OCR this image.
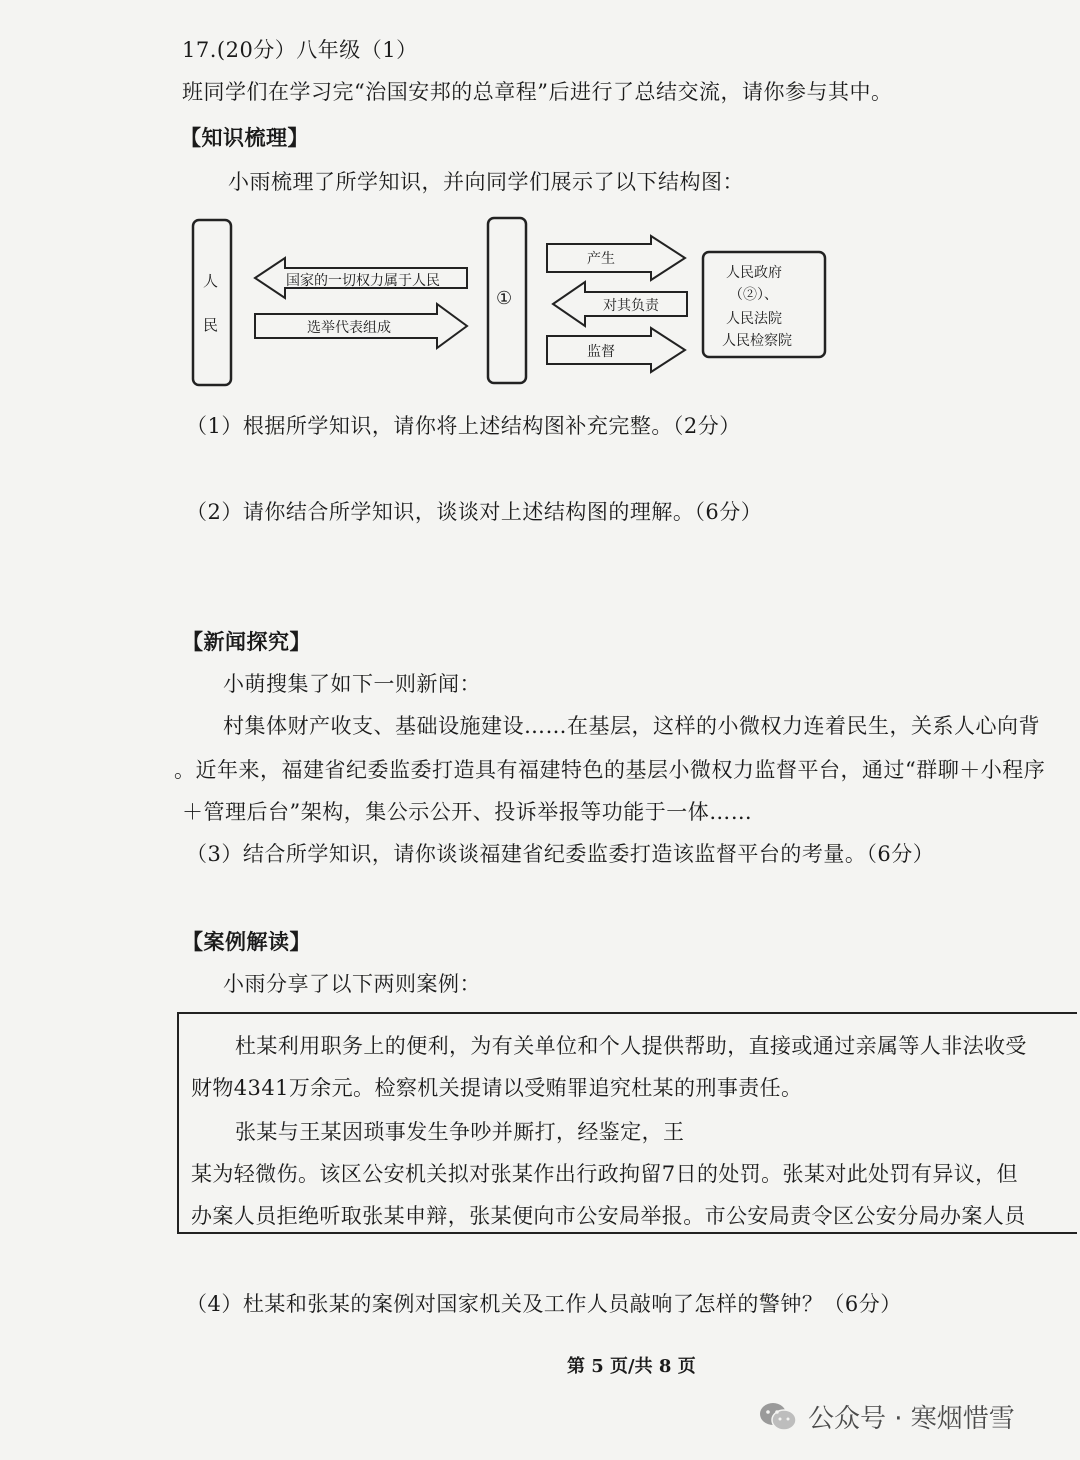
17.(20分）八年级（1）
班同学们在学习完“治国安邦的总章程”后进行了总结交流，请你参与其中。
【知识梳理】
小雨梳理了所学知识，并向同学们展示了以下结构图：
人
民
国家的一切权力属于人民
选举代表组成
①
产生
对其负责
监督
人民政府
（②）、
人民法院
人民检察院
（1）根据所学知识，请你将上述结构图补充完整。（2分）
（2）请你结合所学知识，谈谈对上述结构图的理解。（6分）
【新闻探究】
小萌搜集了如下一则新闻：
村集体财产收支、基础设施建设……在基层，这样的小微权力连着民生，关系人心向背
。近年来，福建省纪委监委打造具有福建特色的基层小微权力监督平台，通过“群聊＋小程序
＋管理后台”架构，集公示公开、投诉举报等功能于一体……
（3）结合所学知识，请你谈谈福建省纪委监委打造该监督平台的考量。（6分）
【案例解读】
小雨分享了以下两则案例：
杜某利用职务上的便利，为有关单位和个人提供帮助，直接或通过亲属等人非法收受
财物4341万余元。检察机关提请以受贿罪追究杜某的刑事责任。
张某与王某因琐事发生争吵并厮打，经鉴定，王
某为轻微伤。该区公安机关拟对张某作出行政拘留7日的处罚。张某对此处罚有异议，但
办案人员拒绝听取张某申辩，张某便向市公安局举报。市公安局责令区公安分局办案人员
（4）杜某和张某的案例对国家机关及工作人员敲响了怎样的警钟？（6分）
第 5 页/共 8 页
公众号 · 寒烟惜雪
